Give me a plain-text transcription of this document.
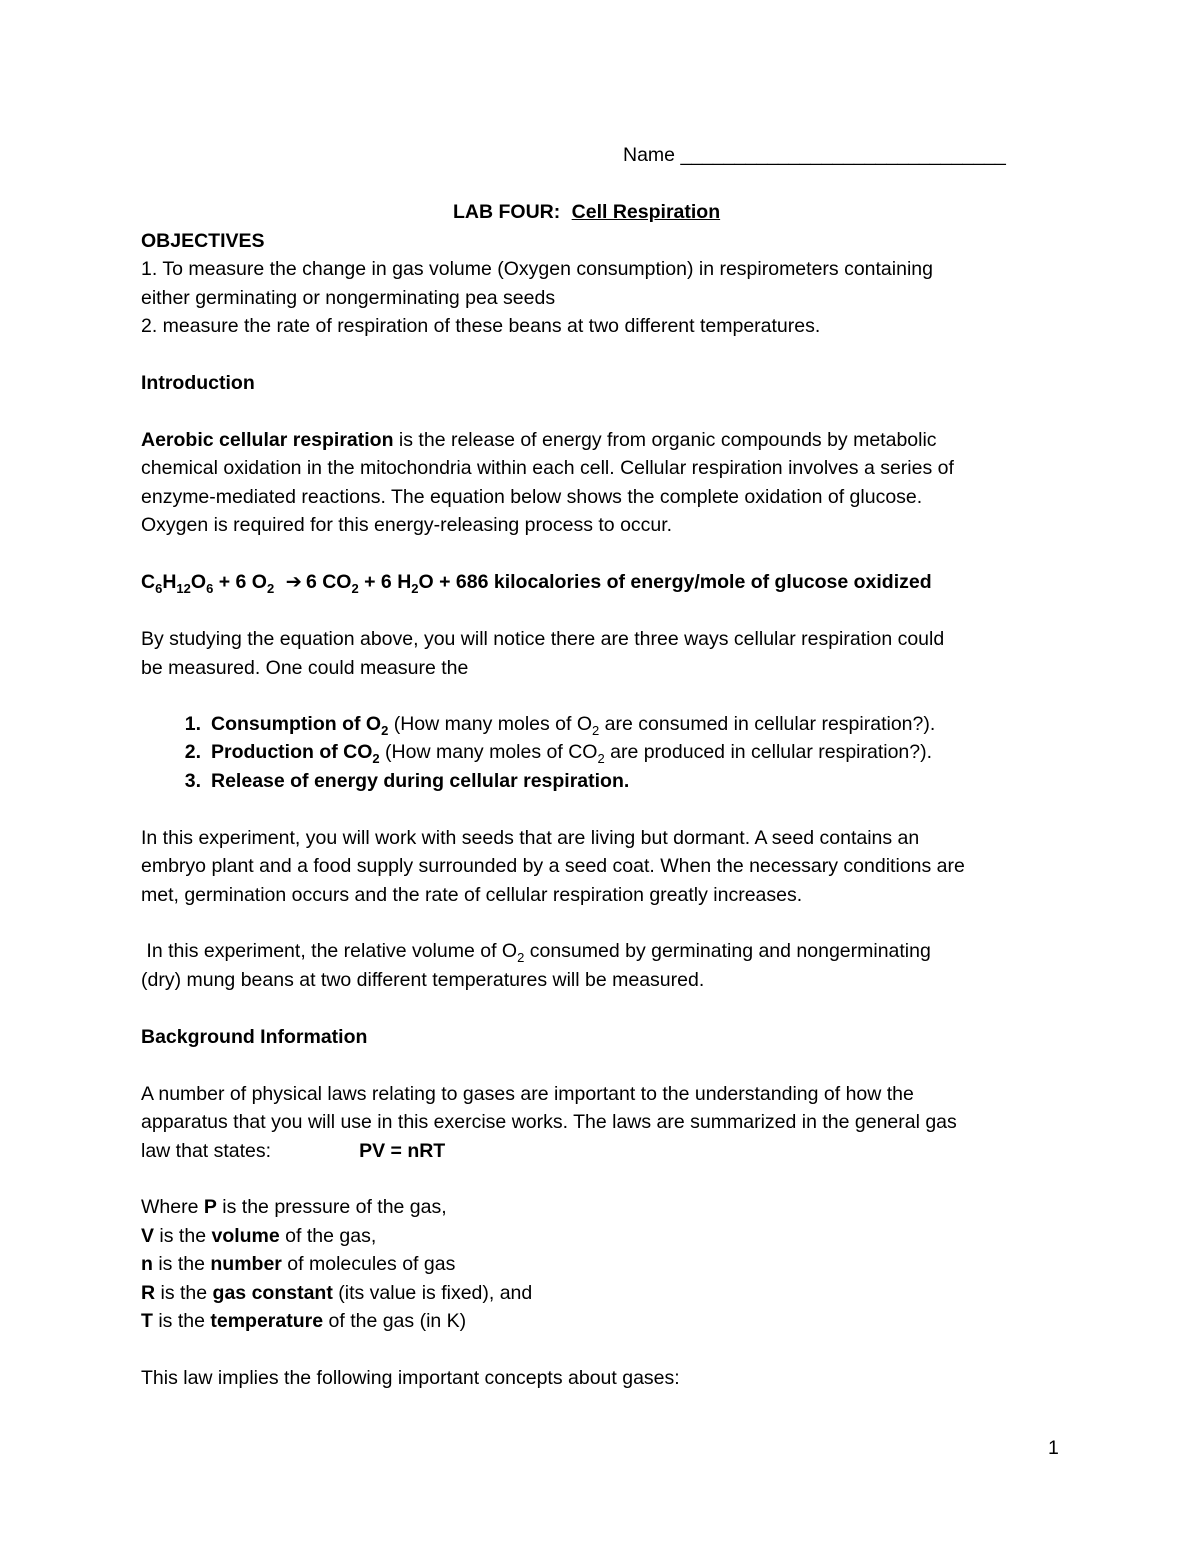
Name ______________________________
LAB FOUR: Cell Respiration
OBJECTIVES
1. To measure the change in gas volume (Oxygen consumption) in respirometers containing
either germinating or nongerminating pea seeds
2. measure the rate of respiration of these beans at two different temperatures.
Introduction
Aerobic cellular respiration is the release of energy from organic compounds by metabolic
chemical oxidation in the mitochondria within each cell. Cellular respiration involves a series of
enzyme-mediated reactions. The equation below shows the complete oxidation of glucose.
Oxygen is required for this energy-releasing process to occur.
$C_6H_{12}O_6 + 6$ $O_2$ ➔ 6 $CO_2 + 6$ $H_2O + 686$ kilocalories of energy/mole of glucose oxidized
By studying the equation above, you will notice there are three ways cellular respiration could
be measured. One could measure the
1. Consumption of $O_2$ (How many moles of $O_2$ are consumed in cellular respiration?).
2. Production of $CO_2$ (How many moles of $CO_2$ are produced in cellular respiration?).
3. Release of energy during cellular respiration.
In this experiment, you will work with seeds that are living but dormant. A seed contains an
embryo plant and a food supply surrounded by a seed coat. When the necessary conditions are
met, germination occurs and the rate of cellular respiration greatly increases.
In this experiment, the relative volume of $O_2$ consumed by germinating and nongerminating
(dry) mung beans at two different temperatures will be measured.
Background Information
A number of physical laws relating to gases are important to the understanding of how the
apparatus that you will use in this exercise works. The laws are summarized in the general gas
law that states:	PV = nRT
Where P is the pressure of the gas,
V is the volume of the gas,
n is the number of molecules of gas
R is the gas constant (its value is fixed), and
T is the temperature of the gas (in K)
This law implies the following important concepts about gases:
1
